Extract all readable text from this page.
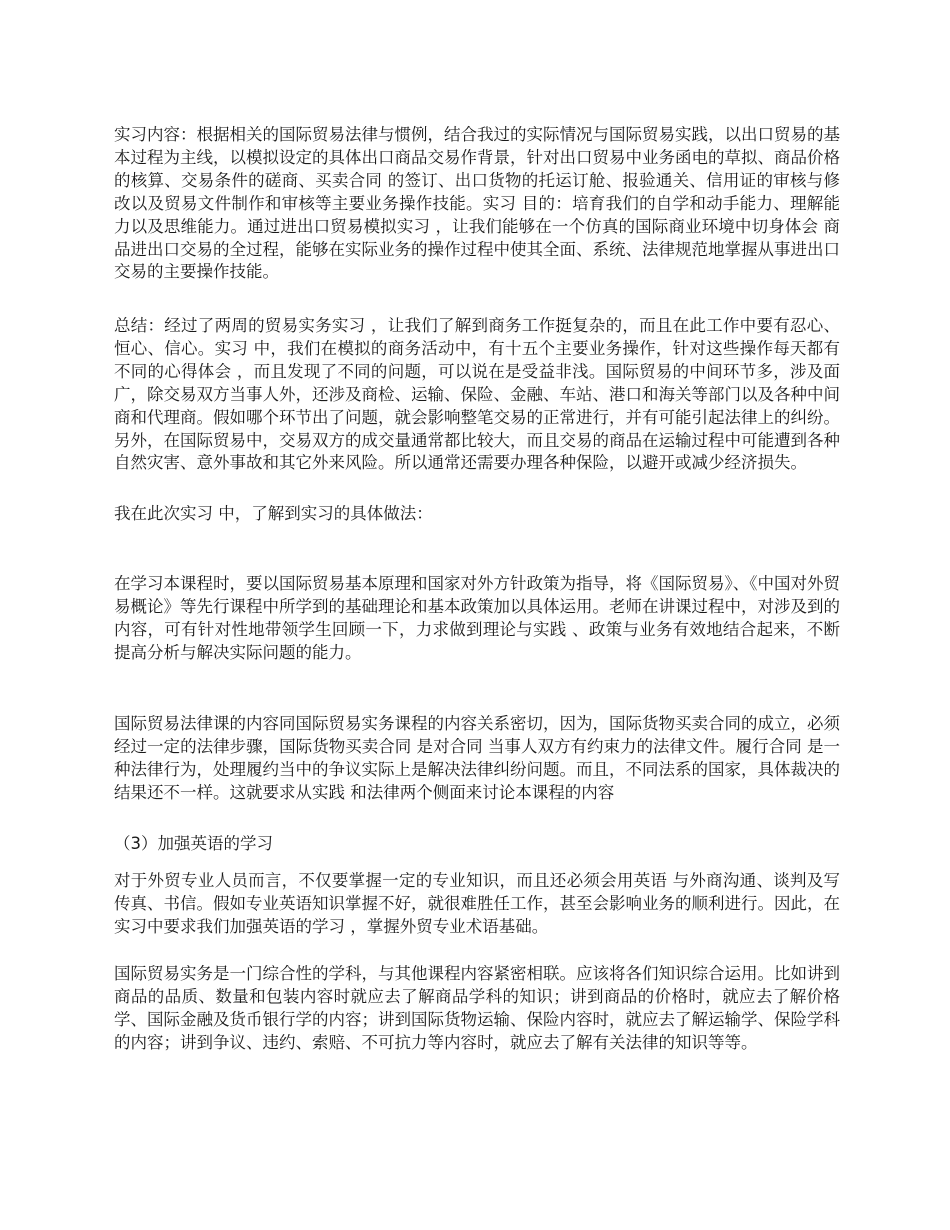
实习内容：根据相关的国际贸易法律与惯例，结合我过的实际情况与国际贸易实践，以出口贸易的基本过程为主线，以模拟设定的具体出口商品交易作背景，针对出口贸易中业务函电的草拟、商品价格的核算、交易条件的磋商、买卖合同 的签订、出口货物的托运订舱、报验通关、信用证的审核与修改以及贸易文件制作和审核等主要业务操作技能。实习 目的：培育我们的自学和动手能力、理解能力以及思维能力。通过进出口贸易模拟实习 ，让我们能够在一个仿真的国际商业环境中切身体会 商品进出口交易的全过程，能够在实际业务的操作过程中使其全面、系统、法律规范地掌握从事进出口交易的主要操作技能。

总结：经过了两周的贸易实务实习 ，让我们了解到商务工作挺复杂的，而且在此工作中要有忍心、恒心、信心。实习 中，我们在模拟的商务活动中，有十五个主要业务操作，针对这些操作每天都有不同的心得体会 ，而且发现了不同的问题，可以说在是受益非浅。国际贸易的中间环节多，涉及面广，除交易双方当事人外，还涉及商检、运输、保险、金融、车站、港口和海关等部门以及各种中间商和代理商。假如哪个环节出了问题，就会影响整笔交易的正常进行，并有可能引起法律上的纠纷。另外，在国际贸易中，交易双方的成交量通常都比较大，而且交易的商品在运输过程中可能遭到各种自然灾害、意外事故和其它外来风险。所以通常还需要办理各种保险，以避开或减少经济损失。

我在此次实习 中，了解到实习的具体做法：

在学习本课程时，要以国际贸易基本原理和国家对外方针政策为指导，将《国际贸易》、《中国对外贸易概论》等先行课程中所学到的基础理论和基本政策加以具体运用。老师在讲课过程中，对涉及到的内容，可有针对性地带领学生回顾一下，力求做到理论与实践 、政策与业务有效地结合起来，不断提高分析与解决实际问题的能力。

国际贸易法律课的内容同国际贸易实务课程的内容关系密切，因为，国际货物买卖合同的成立，必须经过一定的法律步骤，国际货物买卖合同 是对合同 当事人双方有约束力的法律文件。履行合同 是一种法律行为，处理履约当中的争议实际上是解决法律纠纷问题。而且，不同法系的国家，具体裁决的结果还不一样。这就要求从实践 和法律两个侧面来讨论本课程的内容

（3）加强英语的学习

对于外贸专业人员而言，不仅要掌握一定的专业知识，而且还必须会用英语 与外商沟通、谈判及写传真、书信。假如专业英语知识掌握不好，就很难胜任工作，甚至会影响业务的顺利进行。因此，在实习中要求我们加强英语的学习 ，掌握外贸专业术语基础。

国际贸易实务是一门综合性的学科，与其他课程内容紧密相联。应该将各们知识综合运用。比如讲到商品的品质、数量和包装内容时就应去了解商品学科的知识；讲到商品的价格时，就应去了解价格学、国际金融及货币银行学的内容；讲到国际货物运输、保险内容时，就应去了解运输学、保险学科的内容；讲到争议、违约、索赔、不可抗力等内容时，就应去了解有关法律的知识等等。
